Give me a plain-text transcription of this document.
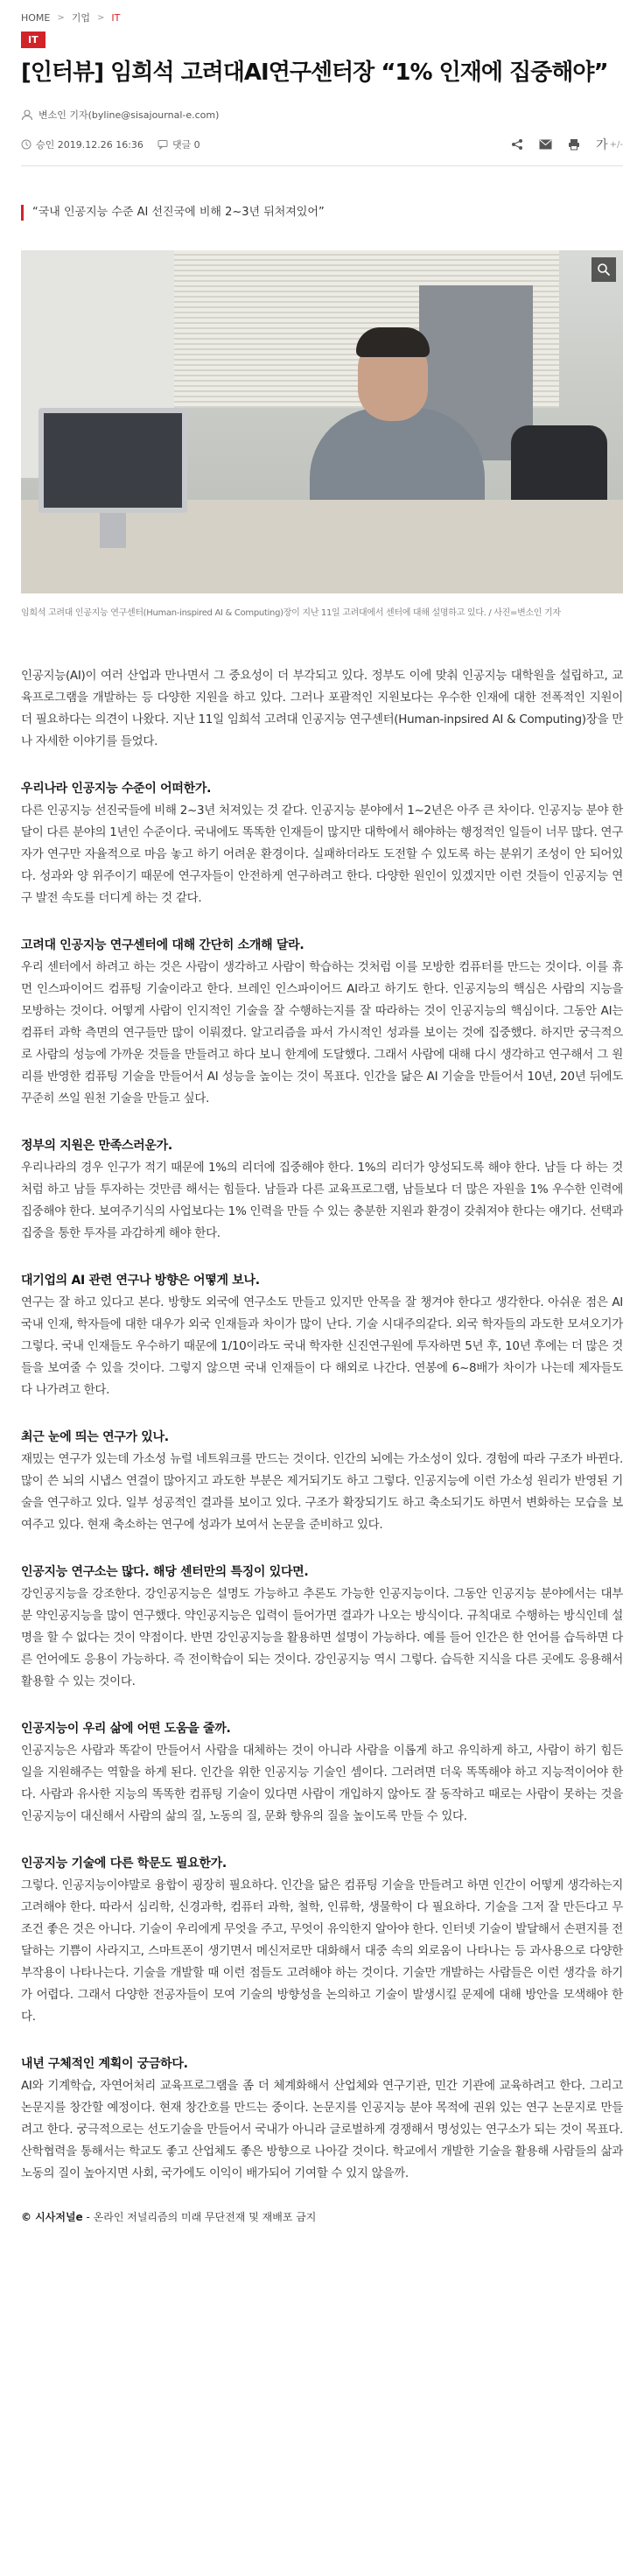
HOME > 기업 > IT
IT
[인터뷰] 임희석 고려대AI연구센터장 “1% 인재에 집중해야”
변소인 기자(byline@sisajournal-e.com)
승인 2019.12.26 16:36	댓글 0	가 +/-

“국내 인공지능 수준 AI 선진국에 비해 2~3년 뒤처져있어”

임희석 고려대 인공지능 연구센터(Human-inspired AI & Computing)장이 지난 11일 고려대에서 센터에 대해 설명하고 있다. / 사진=변소인 기자

인공지능(AI)이 여러 산업과 만나면서 그 중요성이 더 부각되고 있다. 정부도 이에 맞춰 인공지능 대학원을 설립하고, 교육프로그램을 개발하는 등 다양한 지원을 하고 있다. 그러나 포괄적인 지원보다는 우수한 인재에 대한 전폭적인 지원이 더 필요하다는 의견이 나왔다. 지난 11일 임희석 고려대 인공지능 연구센터(Human-inpsired AI & Computing)장을 만나 자세한 이야기를 들었다.

우리나라 인공지능 수준이 어떠한가.

다른 인공지능 선진국들에 비해 2~3년 처져있는 것 같다. 인공지능 분야에서 1~2년은 아주 큰 차이다. 인공지능 분야 한 달이 다른 분야의 1년인 수준이다. 국내에도 똑똑한 인재들이 많지만 대학에서 해야하는 행정적인 일들이 너무 많다. 연구자가 연구만 자율적으로 마음 놓고 하기 어려운 환경이다. 실패하더라도 도전할 수 있도록 하는 분위기 조성이 안 되어있다. 성과와 양 위주이기 때문에 연구자들이 안전하게 연구하려고 한다. 다양한 원인이 있겠지만 이런 것들이 인공지능 연구 발전 속도를 더디게 하는 것 같다.

고려대 인공지능 연구센터에 대해 간단히 소개해 달라.

우리 센터에서 하려고 하는 것은 사람이 생각하고 사람이 학습하는 것처럼 이를 모방한 컴퓨터를 만드는 것이다. 이를 휴먼 인스파이어드 컴퓨팅 기술이라고 한다. 브레인 인스파이어드 AI라고 하기도 한다. 인공지능의 핵심은 사람의 지능을 모방하는 것이다. 어떻게 사람이 인지적인 기술을 잘 수행하는지를 잘 따라하는 것이 인공지능의 핵심이다. 그동안 AI는 컴퓨터 과학 측면의 연구들만 많이 이뤄졌다. 알고리즘을 파서 가시적인 성과를 보이는 것에 집중했다. 하지만 궁극적으로 사람의 성능에 가까운 것들을 만들려고 하다 보니 한계에 도달했다. 그래서 사람에 대해 다시 생각하고 연구해서 그 원리를 반영한 컴퓨팅 기술을 만들어서 AI 성능을 높이는 것이 목표다. 인간을 닮은 AI 기술을 만들어서 10년, 20년 뒤에도 꾸준히 쓰일 원천 기술을 만들고 싶다.

정부의 지원은 만족스러운가.

우리나라의 경우 인구가 적기 때문에 1%의 리더에 집중해야 한다. 1%의 리더가 양성되도록 해야 한다. 남들 다 하는 것처럼 하고 남들 투자하는 것만큼 해서는 힘들다. 남들과 다른 교육프로그램, 남들보다 더 많은 자원을 1% 우수한 인력에 집중해야 한다. 보여주기식의 사업보다는 1% 인력을 만들 수 있는 충분한 지원과 환경이 갖춰져야 한다는 얘기다. 선택과 집중을 통한 투자를 과감하게 해야 한다.

대기업의 AI 관련 연구나 방향은 어떻게 보나.

연구는 잘 하고 있다고 본다. 방향도 외국에 연구소도 만들고 있지만 안목을 잘 챙겨야 한다고 생각한다. 아쉬운 점은 AI 국내 인재, 학자들에 대한 대우가 외국 인재들과 차이가 많이 난다. 기술 시대주의같다. 외국 학자들의 과도한 모셔오기가 그렇다. 국내 인재들도 우수하기 때문에 1/10이라도 국내 학자한 신진연구원에 투자하면 5년 후, 10년 후에는 더 많은 것들을 보여줄 수 있을 것이다. 그렇지 않으면 국내 인재들이 다 해외로 나간다. 연봉에 6~8배가 차이가 나는데 제자들도 다 나가려고 한다.

최근 눈에 띄는 연구가 있나.

재밌는 연구가 있는데 가소성 뉴럴 네트워크를 만드는 것이다. 인간의 뇌에는 가소성이 있다. 경험에 따라 구조가 바뀐다. 많이 쓴 뇌의 시냅스 연결이 많아지고 과도한 부분은 제거되기도 하고 그렇다. 인공지능에 이런 가소성 원리가 반영된 기술을 연구하고 있다. 일부 성공적인 결과를 보이고 있다. 구조가 확장되기도 하고 축소되기도 하면서 변화하는 모습을 보여주고 있다. 현재 축소하는 연구에 성과가 보여서 논문을 준비하고 있다.

인공지능 연구소는 많다. 해당 센터만의 특징이 있다면.

강인공지능을 강조한다. 강인공지능은 설명도 가능하고 추론도 가능한 인공지능이다. 그동안 인공지능 분야에서는 대부분 약인공지능을 많이 연구했다. 약인공지능은 입력이 들어가면 결과가 나오는 방식이다. 규칙대로 수행하는 방식인데 설명을 할 수 없다는 것이 약점이다. 반면 강인공지능을 활용하면 설명이 가능하다. 예를 들어 인간은 한 언어를 습득하면 다른 언어에도 응용이 가능하다. 즉 전이학습이 되는 것이다. 강인공지능 역시 그렇다. 습득한 지식을 다른 곳에도 응용해서 활용할 수 있는 것이다.

인공지능이 우리 삶에 어떤 도움을 줄까.

인공지능은 사람과 똑같이 만들어서 사람을 대체하는 것이 아니라 사람을 이롭게 하고 유익하게 하고, 사람이 하기 힘든 일을 지원해주는 역할을 하게 된다. 인간을 위한 인공지능 기술인 셈이다. 그러려면 더욱 똑똑해야 하고 지능적이어야 한다. 사람과 유사한 지능의 똑똑한 컴퓨팅 기술이 있다면 사람이 개입하지 않아도 잘 동작하고 때로는 사람이 못하는 것을 인공지능이 대신해서 사람의 삶의 질, 노동의 질, 문화 향유의 질을 높이도록 만들 수 있다.

인공지능 기술에 다른 학문도 필요한가.

그렇다. 인공지능이야말로 융합이 굉장히 필요하다. 인간을 닮은 컴퓨팅 기술을 만들려고 하면 인간이 어떻게 생각하는지 고려해야 한다. 따라서 심리학, 신경과학, 컴퓨터 과학, 철학, 인류학, 생물학이 다 필요하다. 기술을 그저 잘 만든다고 무조건 좋은 것은 아니다. 기술이 우리에게 무엇을 주고, 무엇이 유익한지 알아야 한다. 인터넷 기술이 발달해서 손편지를 전달하는 기쁨이 사라지고, 스마트폰이 생기면서 메신저로만 대화해서 대중 속의 외로움이 나타나는 등 과사용으로 다양한 부작용이 나타나는다. 기술을 개발할 때 이런 점들도 고려해야 하는 것이다. 기술만 개발하는 사람들은 이런 생각을 하기가 어렵다. 그래서 다양한 전공자들이 모여 기술의 방향성을 논의하고 기술이 발생시킬 문제에 대해 방안을 모색해야 한다.

내년 구체적인 계획이 궁금하다.

AI와 기계학습, 자연어처리 교육프로그램을 좀 더 체계화해서 산업체와 연구기관, 민간 기관에 교육하려고 한다. 그리고 논문지를 창간할 예정이다. 현재 창간호를 만드는 중이다. 논문지를 인공지능 분야 목적에 권위 있는 연구 논문지로 만들려고 한다. 궁극적으로는 선도기술을 만들어서 국내가 아니라 글로벌하게 경쟁해서 명성있는 연구소가 되는 것이 목표다. 산학협력을 통해서는 학교도 좋고 산업체도 좋은 방향으로 나아갈 것이다. 학교에서 개발한 기술을 활용해 사람들의 삶과 노동의 질이 높아지면 사회, 국가에도 이익이 배가되어 기여할 수 있지 않을까.

© 시사저널e - 온라인 저널리즘의 미래 무단전재 및 재배포 금지
